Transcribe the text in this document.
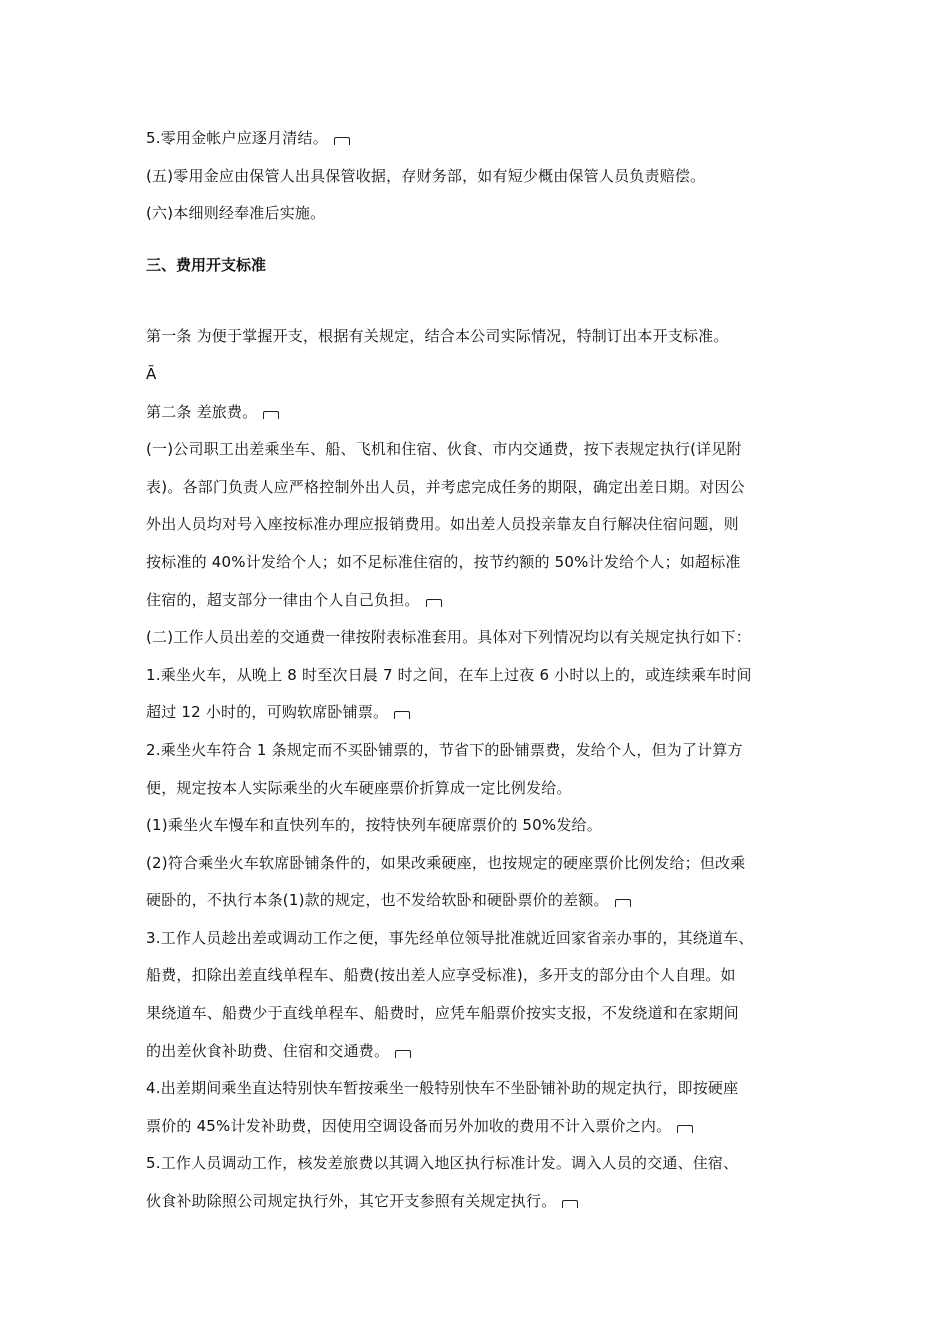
5.零用金帐户应逐月清结。
(五)零用金应由保管人出具保管收据，存财务部，如有短少概由保管人员负责赔偿。
(六)本细则经奉准后实施。
三、费用开支标准
第一条 为便于掌握开支，根据有关规定，结合本公司实际情况，特制订出本开支标准。
Ã
第二条 差旅费。
(一)公司职工出差乘坐车、船、飞机和住宿、伙食、市内交通费，按下表规定执行(详见附
表)。各部门负责人应严格控制外出人员，并考虑完成任务的期限，确定出差日期。对因公
外出人员均对号入座按标准办理应报销费用。如出差人员投亲靠友自行解决住宿问题，则
按标准的 40%计发给个人；如不足标准住宿的，按节约额的 50%计发给个人；如超标准
住宿的，超支部分一律由个人自己负担。
(二)工作人员出差的交通费一律按附表标准套用。具体对下列情况均以有关规定执行如下：
1.乘坐火车，从晚上 8 时至次日晨 7 时之间，在车上过夜 6 小时以上的，或连续乘车时间
超过 12 小时的，可购软席卧铺票。
2.乘坐火车符合 1 条规定而不买卧铺票的，节省下的卧铺票费，发给个人，但为了计算方
便，规定按本人实际乘坐的火车硬座票价折算成一定比例发给。
(1)乘坐火车慢车和直快列车的，按特快列车硬席票价的 50%发给。
(2)符合乘坐火车软席卧铺条件的，如果改乘硬座，也按规定的硬座票价比例发给；但改乘
硬卧的，不执行本条(1)款的规定，也不发给软卧和硬卧票价的差额。
3.工作人员趁出差或调动工作之便，事先经单位领导批准就近回家省亲办事的，其绕道车、
船费，扣除出差直线单程车、船费(按出差人应享受标准)，多开支的部分由个人自理。如
果绕道车、船费少于直线单程车、船费时，应凭车船票价按实支报，不发绕道和在家期间
的出差伙食补助费、住宿和交通费。
4.出差期间乘坐直达特别快车暂按乘坐一般特别快车不坐卧铺补助的规定执行，即按硬座
票价的 45%计发补助费，因使用空调设备而另外加收的费用不计入票价之内。
5.工作人员调动工作，核发差旅费以其调入地区执行标准计发。调入人员的交通、住宿、
伙食补助除照公司规定执行外，其它开支参照有关规定执行。
